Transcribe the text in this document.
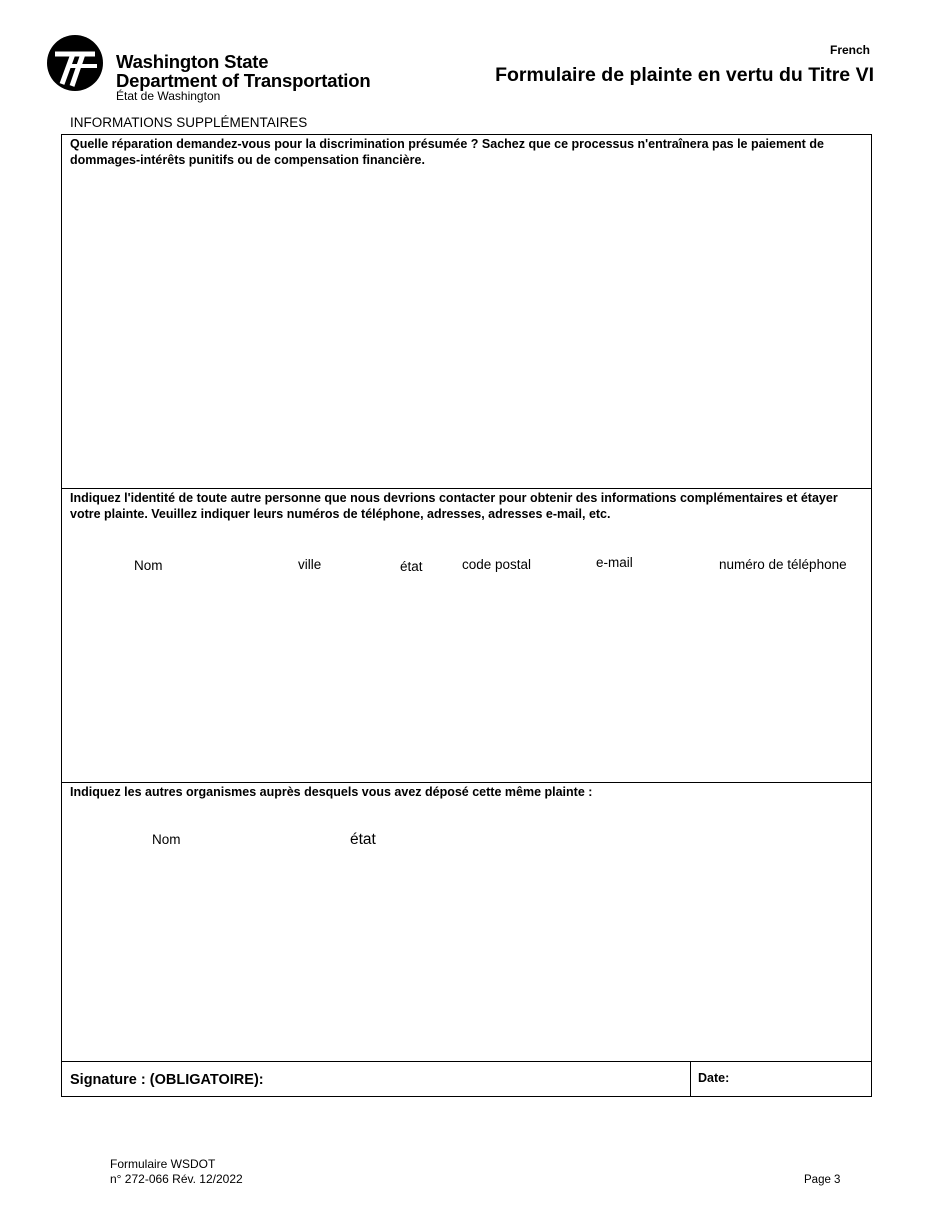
Washington State
Department of Transportation
État de Washington
French
Formulaire de plainte en vertu du Titre VI
INFORMATIONS SUPPLÉMENTAIRES
Quelle réparation demandez-vous pour la discrimination présumée ? Sachez que ce processus n'entraînera pas le paiement de dommages-intérêts punitifs ou de compensation financière.
Indiquez l'identité de toute autre personne que nous devrions contacter pour obtenir des informations complémentaires et étayer votre plainte. Veuillez indiquer leurs numéros de téléphone, adresses, adresses e-mail, etc.
Nom	ville	état	code postal	e-mail	numéro de téléphone
Indiquez les autres organismes auprès desquels vous avez déposé cette même plainte :
Nom	état
Signature : (OBLIGATOIRE):	Date:
Formulaire WSDOT
n° 272-066 Rév. 12/2022	Page 3
